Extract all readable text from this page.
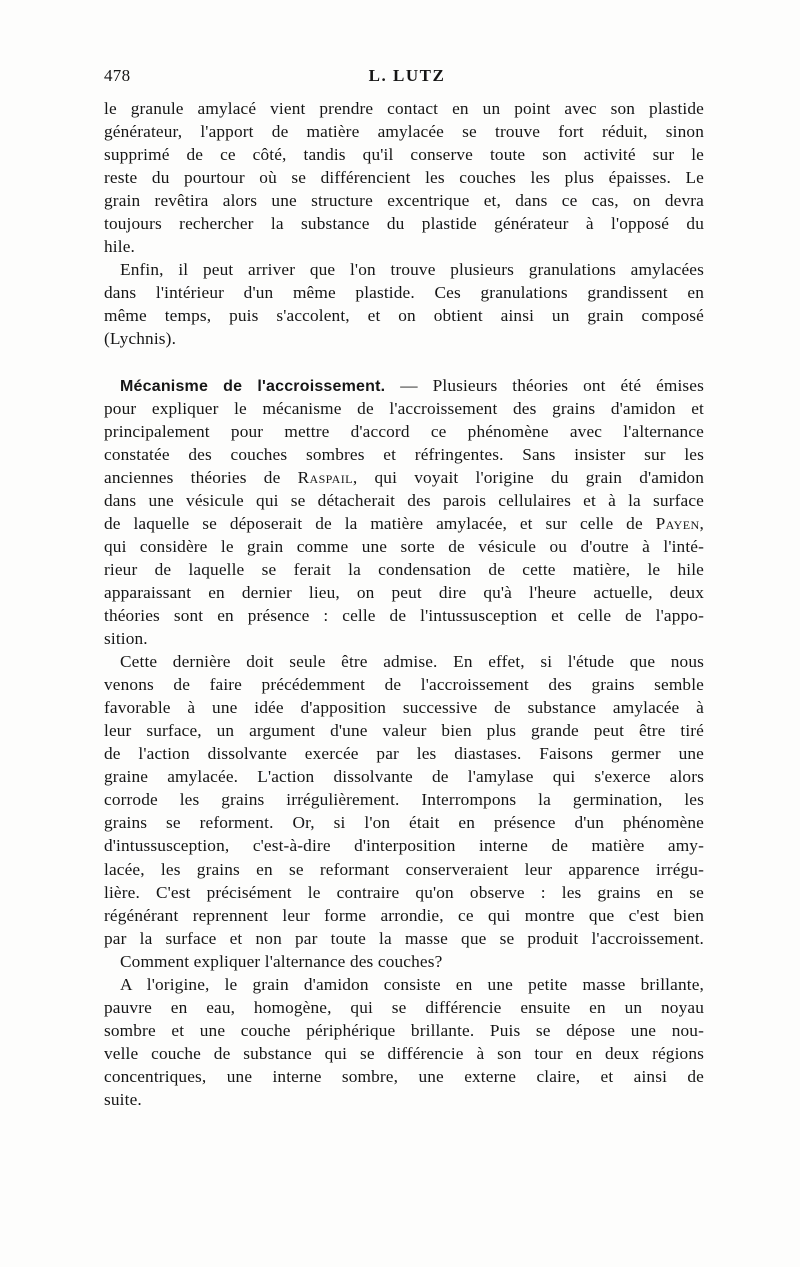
478	L. LUTZ
le granule amylacé vient prendre contact en un point avec son plastide
générateur, l'apport de matière amylacée se trouve fort réduit, sinon
supprimé de ce côté, tandis qu'il conserve toute son activité sur le
reste du pourtour où se différencient les couches les plus épaisses. Le
grain revêtira alors une structure excentrique et, dans ce cas, on devra
toujours rechercher la substance du plastide générateur à l'opposé du
hile.
Enfin, il peut arriver que l'on trouve plusieurs granulations amylacées
dans l'intérieur d'un même plastide. Ces granulations grandissent en
même temps, puis s'accolent, et on obtient ainsi un grain composé
(Lychnis).
Mécanisme de l'accroissement. — Plusieurs théories ont été émises
pour expliquer le mécanisme de l'accroissement des grains d'amidon et
principalement pour mettre d'accord ce phénomène avec l'alternance
constatée des couches sombres et réfringentes. Sans insister sur les
anciennes théories de Raspail, qui voyait l'origine du grain d'amidon
dans une vésicule qui se détacherait des parois cellulaires et à la surface
de laquelle se déposerait de la matière amylacée, et sur celle de Payen,
qui considère le grain comme une sorte de vésicule ou d'outre à l'inté-
rieur de laquelle se ferait la condensation de cette matière, le hile
apparaissant en dernier lieu, on peut dire qu'à l'heure actuelle, deux
théories sont en présence : celle de l'intussusception et celle de l'appo-
sition.
Cette dernière doit seule être admise. En effet, si l'étude que nous
venons de faire précédemment de l'accroissement des grains semble
favorable à une idée d'apposition successive de substance amylacée à
leur surface, un argument d'une valeur bien plus grande peut être tiré
de l'action dissolvante exercée par les diastases. Faisons germer une
graine amylacée. L'action dissolvante de l'amylase qui s'exerce alors
corrode les grains irrégulièrement. Interrompons la germination, les
grains se reforment. Or, si l'on était en présence d'un phénomène
d'intussusception, c'est-à-dire d'interposition interne de matière amy-
lacée, les grains en se reformant conserveraient leur apparence irrégu-
lière. C'est précisément le contraire qu'on observe : les grains en se
régénérant reprennent leur forme arrondie, ce qui montre que c'est bien
par la surface et non par toute la masse que se produit l'accroissement.
Comment expliquer l'alternance des couches?
A l'origine, le grain d'amidon consiste en une petite masse brillante,
pauvre en eau, homogène, qui se différencie ensuite en un noyau
sombre et une couche périphérique brillante. Puis se dépose une nou-
velle couche de substance qui se différencie à son tour en deux régions
concentriques, une interne sombre, une externe claire, et ainsi de
suite.
